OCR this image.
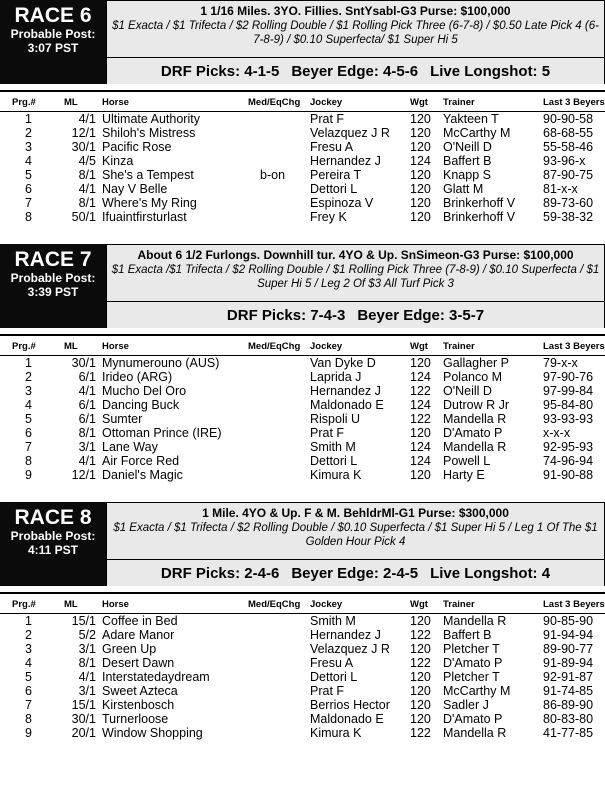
RACE 6
Probable Post:
3:07 PST
1 1/16 Miles. 3YO. Fillies. SntYsabl-G3 Purse: $100,000
$1 Exacta / $1 Trifecta / $2 Rolling Double / $1 Rolling Pick Three (6-7-8) / $0.50 Late Pick 4 (6-7-8-9) / $0.10 Superfecta/ $1 Super Hi 5
DRF Picks: 4-1-5 Beyer Edge: 4-5-6 Live Longshot: 5
Prg.#	ML	Horse	Med/EqChg	Jockey	Wgt	Trainer	Last 3 Beyers
1	4/1	Ultimate Authority		Prat F	120	Yakteen T	90-90-58
2	12/1	Shiloh's Mistress		Velazquez J R	120	McCarthy M	68-68-55
3	30/1	Pacific Rose		Fresu A	120	O'Neill D	55-58-46
4	4/5	Kinza		Hernandez J	124	Baffert B	93-96-x
5	8/1	She's a Tempest	b-on	Pereira T	120	Knapp S	87-90-75
6	4/1	Nay V Belle		Dettori L	120	Glatt M	81-x-x
7	8/1	Where's My Ring		Espinoza V	120	Brinkerhoff V	89-73-60
8	50/1	Ifuaintfirsturlast		Frey K	120	Brinkerhoff V	59-38-32
RACE 7
Probable Post:
3:39 PST
About 6 1/2 Furlongs. Downhill tur. 4YO & Up. SnSimeon-G3 Purse: $100,000
$1 Exacta /$1 Trifecta / $2 Rolling Double / $1 Rolling Pick Three (7-8-9) / $0.10 Superfecta / $1 Super Hi 5 / Leg 2 Of $3 All Turf Pick 3
DRF Picks: 7-4-3 Beyer Edge: 3-5-7
Prg.#	ML	Horse	Med/EqChg	Jockey	Wgt	Trainer	Last 3 Beyers
1	30/1	Mynumerouno (AUS)		Van Dyke D	120	Gallagher P	79-x-x
2	6/1	Irideo (ARG)		Laprida J	124	Polanco M	97-90-76
3	4/1	Mucho Del Oro		Hernandez J	122	O'Neill D	97-99-84
4	6/1	Dancing Buck		Maldonado E	124	Dutrow R Jr	95-84-80
5	6/1	Sumter		Rispoli U	122	Mandella R	93-93-93
6	8/1	Ottoman Prince (IRE)		Prat F	120	D'Amato P	x-x-x
7	3/1	Lane Way		Smith M	124	Mandella R	92-95-93
8	4/1	Air Force Red		Dettori L	124	Powell L	74-96-94
9	12/1	Daniel's Magic		Kimura K	120	Harty E	91-90-88
RACE 8
Probable Post:
4:11 PST
1 Mile. 4YO & Up. F & M. BehldrMl-G1 Purse: $300,000
$1 Exacta / $1 Trifecta / $2 Rolling Double / $0.10 Superfecta / $1 Super Hi 5 / Leg 1 Of The $1 Golden Hour Pick 4
DRF Picks: 2-4-6 Beyer Edge: 2-4-5 Live Longshot: 4
Prg.#	ML	Horse	Med/EqChg	Jockey	Wgt	Trainer	Last 3 Beyers
1	15/1	Coffee in Bed		Smith M	120	Mandella R	90-85-90
2	5/2	Adare Manor		Hernandez J	122	Baffert B	91-94-94
3	3/1	Green Up		Velazquez J R	120	Pletcher T	89-90-77
4	8/1	Desert Dawn		Fresu A	122	D'Amato P	91-89-94
5	4/1	Interstatedaydream		Dettori L	120	Pletcher T	92-91-87
6	3/1	Sweet Azteca		Prat F	120	McCarthy M	91-74-85
7	15/1	Kirstenbosch		Berrios Hector	120	Sadler J	86-89-90
8	30/1	Turnerloose		Maldonado E	120	D'Amato P	80-83-80
9	20/1	Window Shopping		Kimura K	122	Mandella R	41-77-85
